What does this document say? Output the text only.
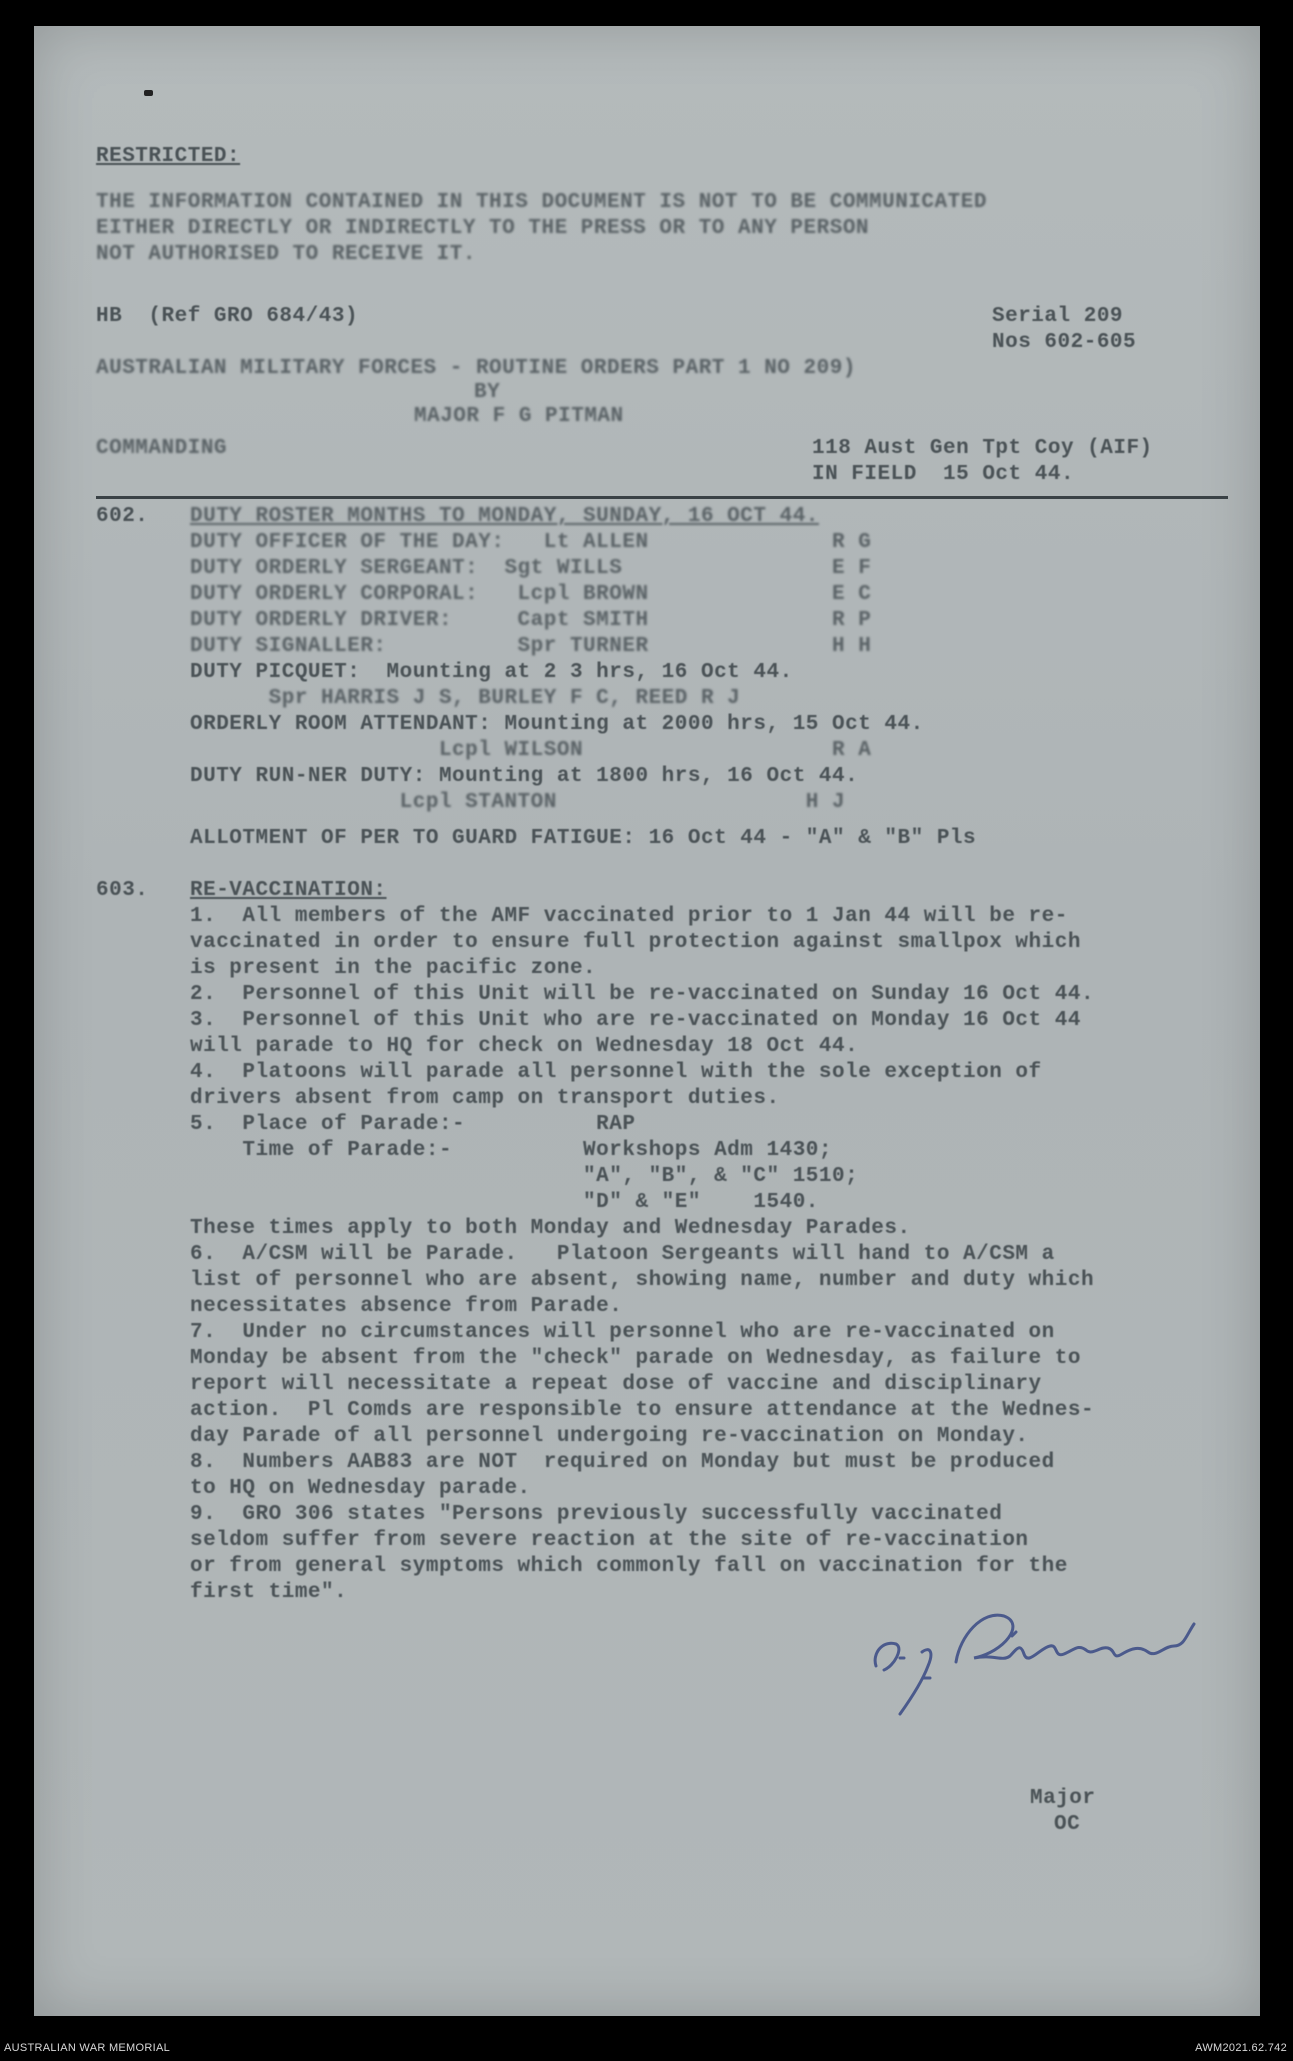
RESTRICTED:
THE INFORMATION CONTAINED IN THIS DOCUMENT IS NOT TO BE COMMUNICATED
EITHER DIRECTLY OR INDIRECTLY TO THE PRESS OR TO ANY PERSON
NOT AUTHORISED TO RECEIVE IT.
HB  (Ref GRO 684/43)	Serial 209
Nos 602-605
AUSTRALIAN MILITARY FORCES - ROUTINE ORDERS PART 1 NO 209)
BY
MAJOR F G PITMAN
COMMANDING	118 Aust Gen Tpt Coy (AIF)
IN FIELD  15 Oct 44.
602. DUTY ROSTER MONTHS TO MONDAY, SUNDAY, 16 OCT 44.
DUTY OFFICER OF THE DAY:   Lt ALLEN              R G
DUTY ORDERLY SERGEANT:  Sgt WILLS                E F
DUTY ORDERLY CORPORAL:   Lcpl BROWN              E C
DUTY ORDERLY DRIVER:     Capt SMITH              R P
DUTY SIGNALLER:          Spr TURNER              H H
DUTY PICQUET:  Mounting at 2 3 hrs, 16 Oct 44.
Spr HARRIS J S, BURLEY F C, REED R J
ORDERLY ROOM ATTENDANT: Mounting at 2000 hrs, 15 Oct 44.
Lcpl WILSON                   R A
DUTY RUN-NER DUTY: Mounting at 1800 hrs, 16 Oct 44.
Lcpl STANTON                   H J
ALLOTMENT OF PER TO GUARD FATIGUE: 16 Oct 44 - "A" & "B" Pls
603. RE-VACCINATION:
1.  All members of the AMF vaccinated prior to 1 Jan 44 will be re-
vaccinated in order to ensure full protection against smallpox which
is present in the pacific zone.
2.  Personnel of this Unit will be re-vaccinated on Sunday 16 Oct 44.
3.  Personnel of this Unit who are re-vaccinated on Monday 16 Oct 44
will parade to HQ for check on Wednesday 18 Oct 44.
4.  Platoons will parade all personnel with the sole exception of
drivers absent from camp on transport duties.
5.  Place of Parade:-          RAP
Time of Parade:-          Workshops Adm 1430;
"A", "B", & "C" 1510;
"D" & "E"    1540.
These times apply to both Monday and Wednesday Parades.
6.  A/CSM will be Parade.   Platoon Sergeants will hand to A/CSM a
list of personnel who are absent, showing name, number and duty which
necessitates absence from Parade.
7.  Under no circumstances will personnel who are re-vaccinated on
Monday be absent from the "check" parade on Wednesday, as failure to
report will necessitate a repeat dose of vaccine and disciplinary
action.  Pl Comds are responsible to ensure attendance at the Wednes-
day Parade of all personnel undergoing re-vaccination on Monday.
8.  Numbers AAB83 are NOT  required on Monday but must be produced
to HQ on Wednesday parade.
9.  GRO 306 states "Persons previously successfully vaccinated
seldom suffer from severe reaction at the site of re-vaccination
or from general symptoms which commonly fall on vaccination for the
first time".
Major
OC
AUSTRALIAN WAR MEMORIAL	AWM2021.62.742
